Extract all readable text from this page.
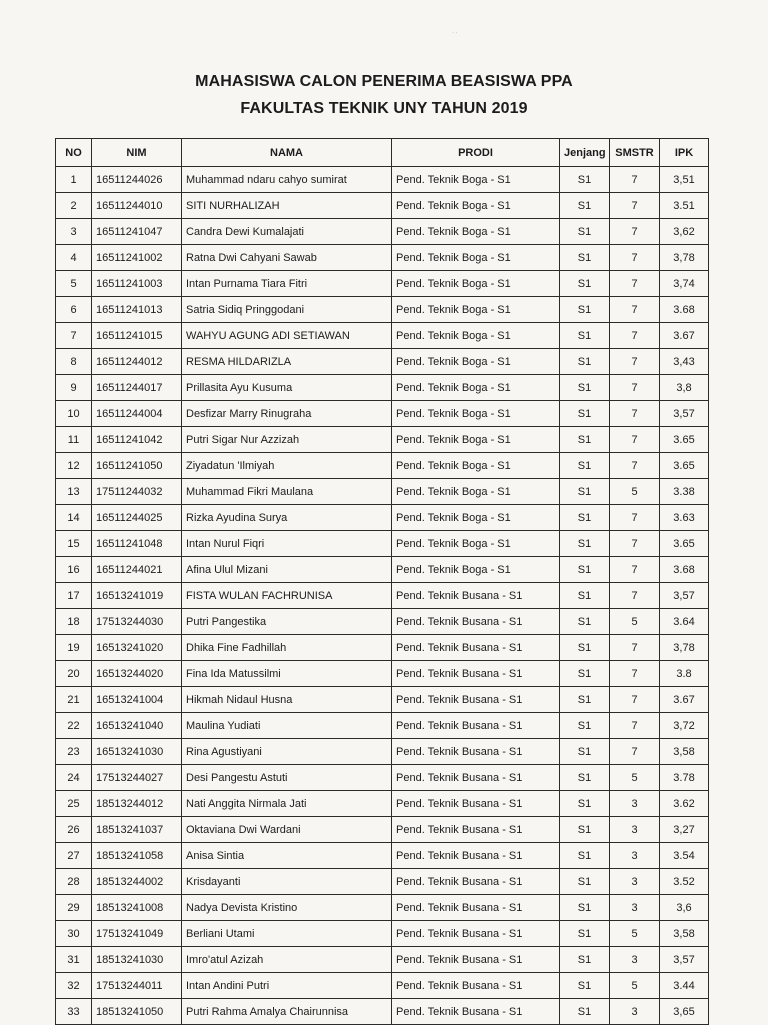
MAHASISWA CALON PENERIMA BEASISWA PPA
FAKULTAS TEKNIK UNY TAHUN 2019
NO	NIM	NAMA	PRODI	Jenjang	SMSTR	IPK
1	16511244026	Muhammad ndaru cahyo sumirat	Pend. Teknik Boga - S1	S1	7	3,51
2	16511244010	SITI NURHALIZAH	Pend. Teknik Boga - S1	S1	7	3.51
3	16511241047	Candra Dewi Kumalajati	Pend. Teknik Boga - S1	S1	7	3,62
4	16511241002	Ratna Dwi Cahyani Sawab	Pend. Teknik Boga - S1	S1	7	3,78
5	16511241003	Intan Purnama Tiara Fitri	Pend. Teknik Boga - S1	S1	7	3,74
6	16511241013	Satria Sidiq Pringgodani	Pend. Teknik Boga - S1	S1	7	3.68
7	16511241015	WAHYU AGUNG ADI SETIAWAN	Pend. Teknik Boga - S1	S1	7	3.67
8	16511244012	RESMA HILDARIZLA	Pend. Teknik Boga - S1	S1	7	3,43
9	16511244017	Prillasita Ayu Kusuma	Pend. Teknik Boga - S1	S1	7	3,8
10	16511244004	Desfizar Marry Rinugraha	Pend. Teknik Boga - S1	S1	7	3,57
11	16511241042	Putri Sigar Nur Azzizah	Pend. Teknik Boga - S1	S1	7	3.65
12	16511241050	Ziyadatun 'Ilmiyah	Pend. Teknik Boga - S1	S1	7	3.65
13	17511244032	Muhammad Fikri Maulana	Pend. Teknik Boga - S1	S1	5	3.38
14	16511244025	Rizka Ayudina Surya	Pend. Teknik Boga - S1	S1	7	3.63
15	16511241048	Intan Nurul Fiqri	Pend. Teknik Boga - S1	S1	7	3.65
16	16511244021	Afina Ulul Mizani	Pend. Teknik Boga - S1	S1	7	3.68
17	16513241019	FISTA WULAN FACHRUNISA	Pend. Teknik Busana - S1	S1	7	3,57
18	17513244030	Putri Pangestika	Pend. Teknik Busana - S1	S1	5	3.64
19	16513241020	Dhika Fine Fadhillah	Pend. Teknik Busana - S1	S1	7	3,78
20	16513244020	Fina Ida Matussilmi	Pend. Teknik Busana - S1	S1	7	3.8
21	16513241004	Hikmah Nidaul Husna	Pend. Teknik Busana - S1	S1	7	3.67
22	16513241040	Maulina Yudiati	Pend. Teknik Busana - S1	S1	7	3,72
23	16513241030	Rina Agustiyani	Pend. Teknik Busana - S1	S1	7	3,58
24	17513244027	Desi Pangestu Astuti	Pend. Teknik Busana - S1	S1	5	3.78
25	18513244012	Nati Anggita Nirmala Jati	Pend. Teknik Busana - S1	S1	3	3.62
26	18513241037	Oktaviana Dwi Wardani	Pend. Teknik Busana - S1	S1	3	3,27
27	18513241058	Anisa Sintia	Pend. Teknik Busana - S1	S1	3	3.54
28	18513244002	Krisdayanti	Pend. Teknik Busana - S1	S1	3	3.52
29	18513241008	Nadya Devista Kristino	Pend. Teknik Busana - S1	S1	3	3,6
30	17513241049	Berliani Utami	Pend. Teknik Busana - S1	S1	5	3,58
31	18513241030	Imro'atul Azizah	Pend. Teknik Busana - S1	S1	3	3,57
32	17513244011	Intan Andini Putri	Pend. Teknik Busana - S1	S1	5	3.44
33	18513241050	Putri Rahma Amalya Chairunnisa	Pend. Teknik Busana - S1	S1	3	3,65
· ·
